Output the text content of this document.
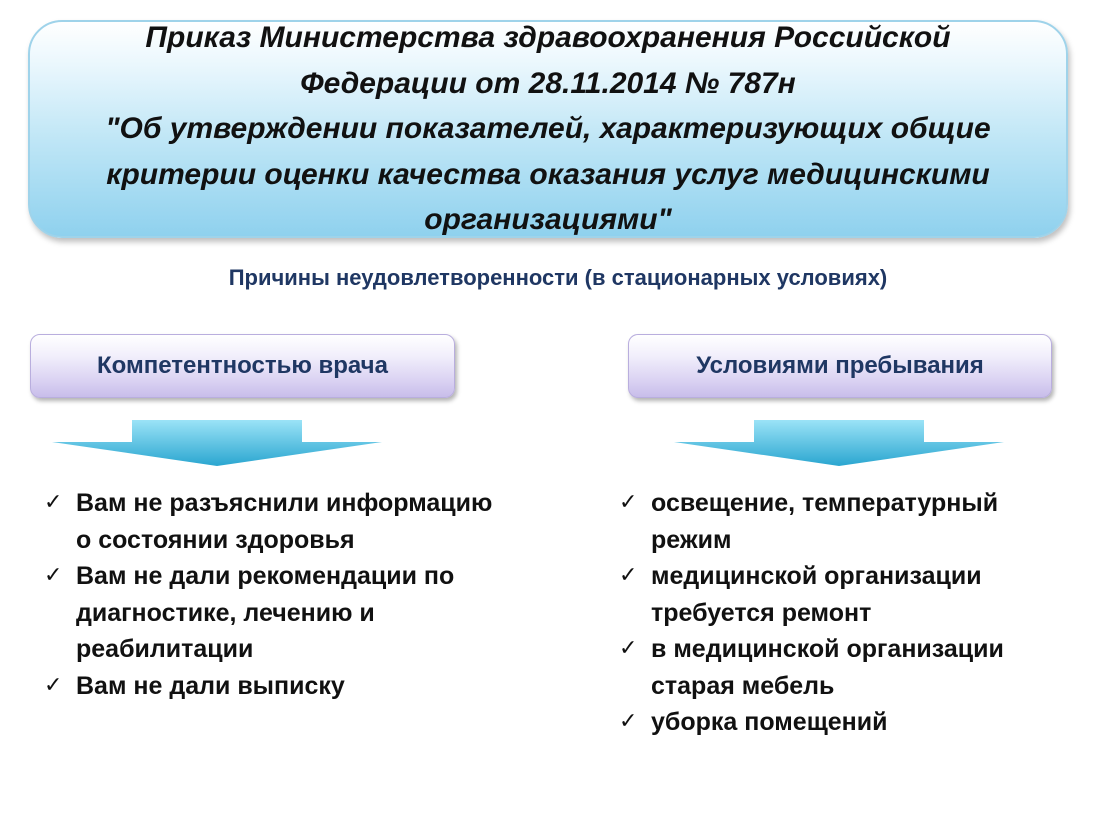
Приказ Министерства здравоохранения Российской
Федерации от 28.11.2014 № 787н
"Об утверждении показателей, характеризующих общие
критерии оценки качества оказания услуг медицинскими
организациями"

Причины неудовлетворенности (в стационарных условиях)
Компетентностью врача	Условиями пребывания
✓ Вам не разъяснили информацию
о состоянии здоровья
✓ Вам не дали рекомендации по
диагностике, лечению и
реабилитации
✓ Вам не дали выписку
✓ освещение, температурный
режим
✓ медицинской организации
требуется ремонт
✓ в медицинской организации
старая мебель
✓ уборка помещений
